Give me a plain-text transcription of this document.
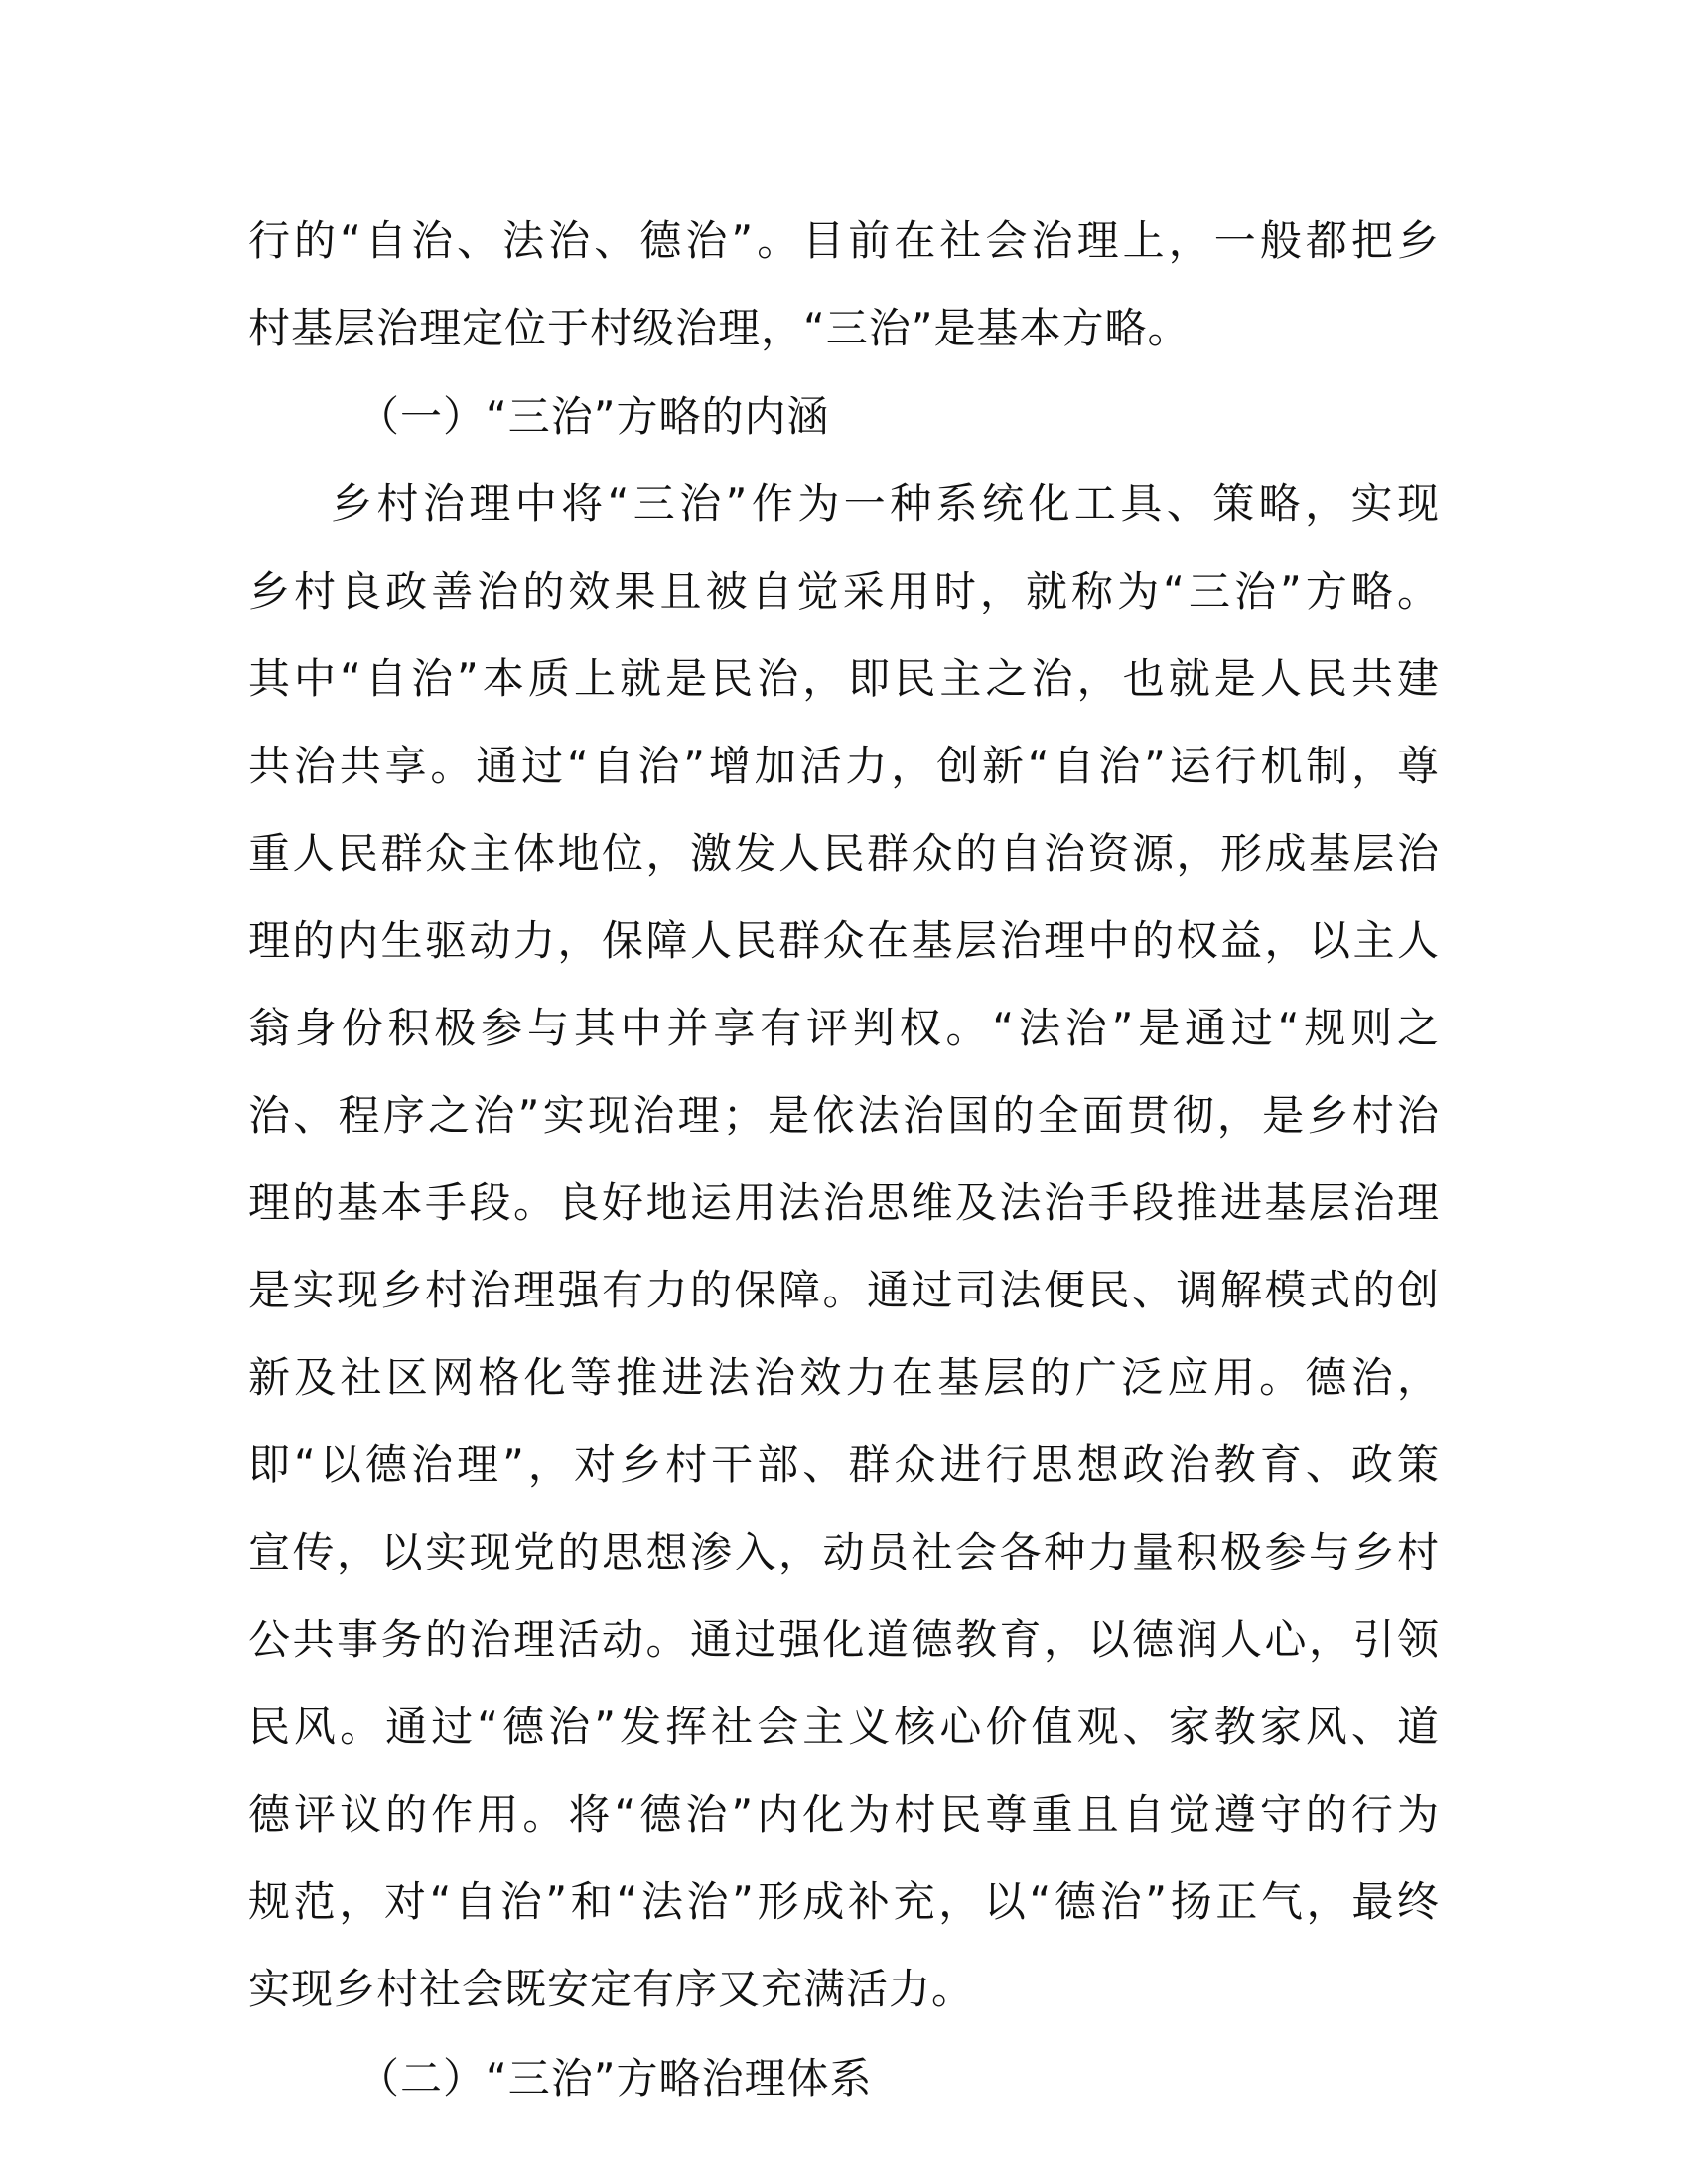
行的“自治、法治、德治”。目前在社会治理上，一般都把乡
村基层治理定位于村级治理，“三治”是基本方略。
（一）“三治”方略的内涵
乡村治理中将“三治”作为一种系统化工具、策略，实现
乡村良政善治的效果且被自觉采用时，就称为“三治”方略。
其中“自治”本质上就是民治，即民主之治，也就是人民共建
共治共享。通过“自治”增加活力，创新“自治”运行机制，尊
重人民群众主体地位，激发人民群众的自治资源，形成基层治
理的内生驱动力，保障人民群众在基层治理中的权益，以主人
翁身份积极参与其中并享有评判权。“法治”是通过“规则之
治、程序之治”实现治理；是依法治国的全面贯彻，是乡村治
理的基本手段。良好地运用法治思维及法治手段推进基层治理
是实现乡村治理强有力的保障。通过司法便民、调解模式的创
新及社区网格化等推进法治效力在基层的广泛应用。德治，
即“以德治理”，对乡村干部、群众进行思想政治教育、政策
宣传，以实现党的思想渗入，动员社会各种力量积极参与乡村
公共事务的治理活动。通过强化道德教育，以德润人心，引领
民风。通过“德治”发挥社会主义核心价值观、家教家风、道
德评议的作用。将“德治”内化为村民尊重且自觉遵守的行为
规范，对“自治”和“法治”形成补充，以“德治”扬正气，最终
实现乡村社会既安定有序又充满活力。
（二）“三治”方略治理体系
